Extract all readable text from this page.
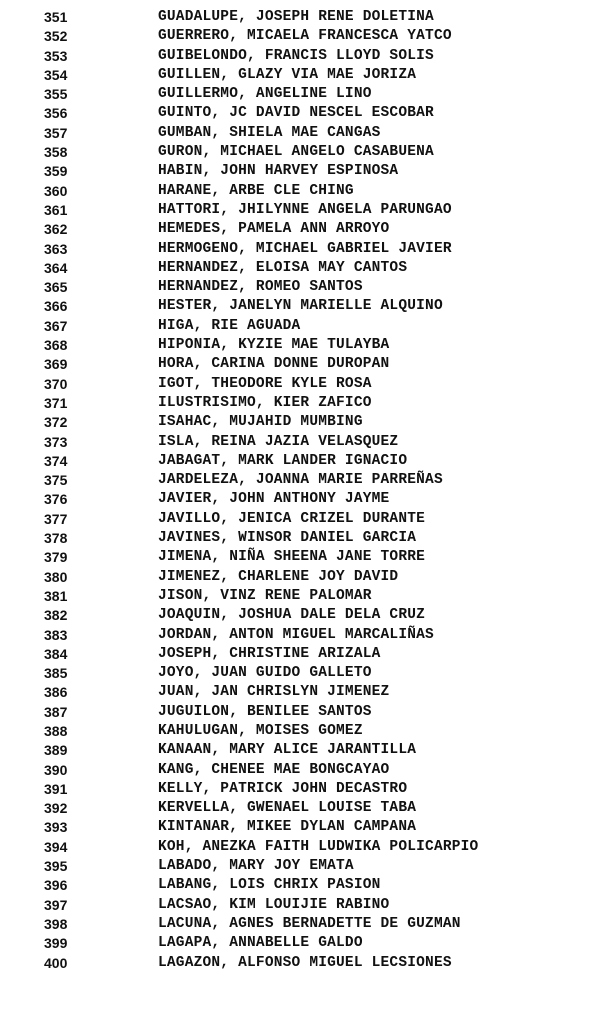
351	GUADALUPE, JOSEPH RENE DOLETINA
352	GUERRERO, MICAELA FRANCESCA YATCO
353	GUIBELONDO, FRANCIS LLOYD SOLIS
354	GUILLEN, GLAZY VIA MAE JORIZA
355	GUILLERMO, ANGELINE LINO
356	GUINTO, JC DAVID NESCEL ESCOBAR
357	GUMBAN, SHIELA MAE CANGAS
358	GURON, MICHAEL ANGELO CASABUENA
359	HABIN, JOHN HARVEY ESPINOSA
360	HARANE, ARBE CLE CHING
361	HATTORI, JHILYNNE ANGELA PARUNGAO
362	HEMEDES, PAMELA ANN ARROYO
363	HERMOGENO, MICHAEL GABRIEL JAVIER
364	HERNANDEZ, ELOISA MAY CANTOS
365	HERNANDEZ, ROMEO SANTOS
366	HESTER, JANELYN MARIELLE ALQUINO
367	HIGA, RIE AGUADA
368	HIPONIA, KYZIE MAE TULAYBA
369	HORA, CARINA DONNE DUROPAN
370	IGOT, THEODORE KYLE ROSA
371	ILUSTRISIMO, KIER ZAFICO
372	ISAHAC, MUJAHID MUMBING
373	ISLA, REINA JAZIA VELASQUEZ
374	JABAGAT, MARK LANDER IGNACIO
375	JARDELEZA, JOANNA MARIE PARREÑAS
376	JAVIER, JOHN ANTHONY JAYME
377	JAVILLO, JENICA CRIZEL DURANTE
378	JAVINES, WINSOR DANIEL GARCIA
379	JIMENA, NIÑA SHEENA JANE TORRE
380	JIMENEZ, CHARLENE JOY DAVID
381	JISON, VINZ RENE PALOMAR
382	JOAQUIN, JOSHUA DALE DELA CRUZ
383	JORDAN, ANTON MIGUEL MARCALIÑAS
384	JOSEPH, CHRISTINE ARIZALA
385	JOYO, JUAN GUIDO GALLETO
386	JUAN, JAN CHRISLYN JIMENEZ
387	JUGUILON, BENILEE SANTOS
388	KAHULUGAN, MOISES GOMEZ
389	KANAAN, MARY ALICE JARANTILLA
390	KANG, CHENEE MAE BONGCAYAO
391	KELLY, PATRICK JOHN DECASTRO
392	KERVELLA, GWENAEL LOUISE TABA
393	KINTANAR, MIKEE DYLAN CAMPANA
394	KOH, ANEZKA FAITH LUDWIKA POLICARPIO
395	LABADO, MARY JOY EMATA
396	LABANG, LOIS CHRIX PASION
397	LACSAO, KIM LOUIJIE RABINO
398	LACUNA, AGNES BERNADETTE DE GUZMAN
399	LAGAPA, ANNABELLE GALDO
400	LAGAZON, ALFONSO MIGUEL LECSIONES
